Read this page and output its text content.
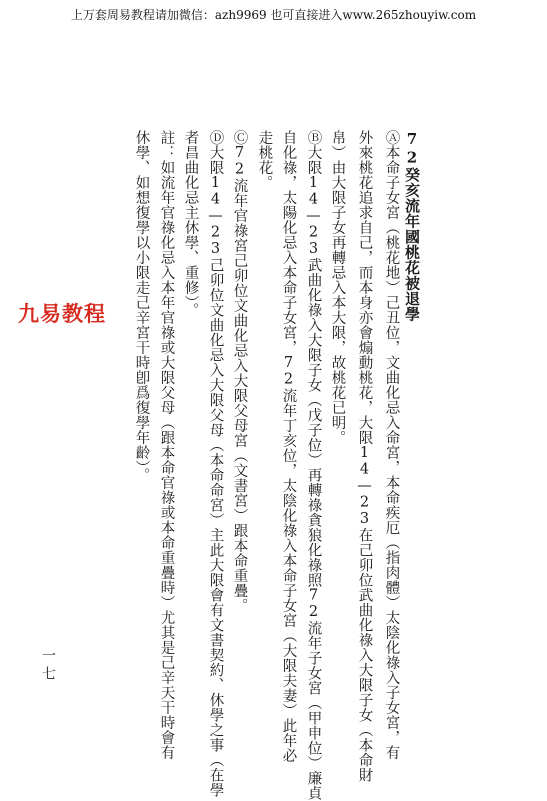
上万套周易教程请加微信：azh9969 也可直接进入www.265zhouyiw.com
72癸亥流年國桃花被退學
Ⓐ本命子女宮（桃花地）己丑位，文曲化忌入命宮，本命疾厄（指肉體）太陰化祿入子女宮，有
外來桃花追求自己，而本身亦會煽動桃花，大限14—23在己卯位武曲化祿入大限子女（本命財
帛）由大限子女再轉忌入本大限，故桃花已明。
Ⓑ大限14—23武曲化祿入大限子女（戊子位）再轉祿貪狼化祿照72流年子女宮（甲申位）廉貞
自化祿，太陽化忌入本命子女宮，72流年丁亥位，太陰化祿入本命子女宮（大限夫妻）此年必
走桃花。
Ⓒ72流年官祿宮己卯位文曲化忌入大限父母宮（文書宮）跟本命重疊。
Ⓓ大限14—23己卯位文曲化忌入大限父母（本命命宮）主此大限會有文書契約、休學之事（在學
者昌曲化忌主休學、重修）。
註：如流年官祿化忌入本年官祿或大限父母（跟本命官祿或本命重疊時）尤其是己辛天干時會有
休學、如想復學以小限走己辛宮干時卽爲復學年齡）。
九易教程
一七
